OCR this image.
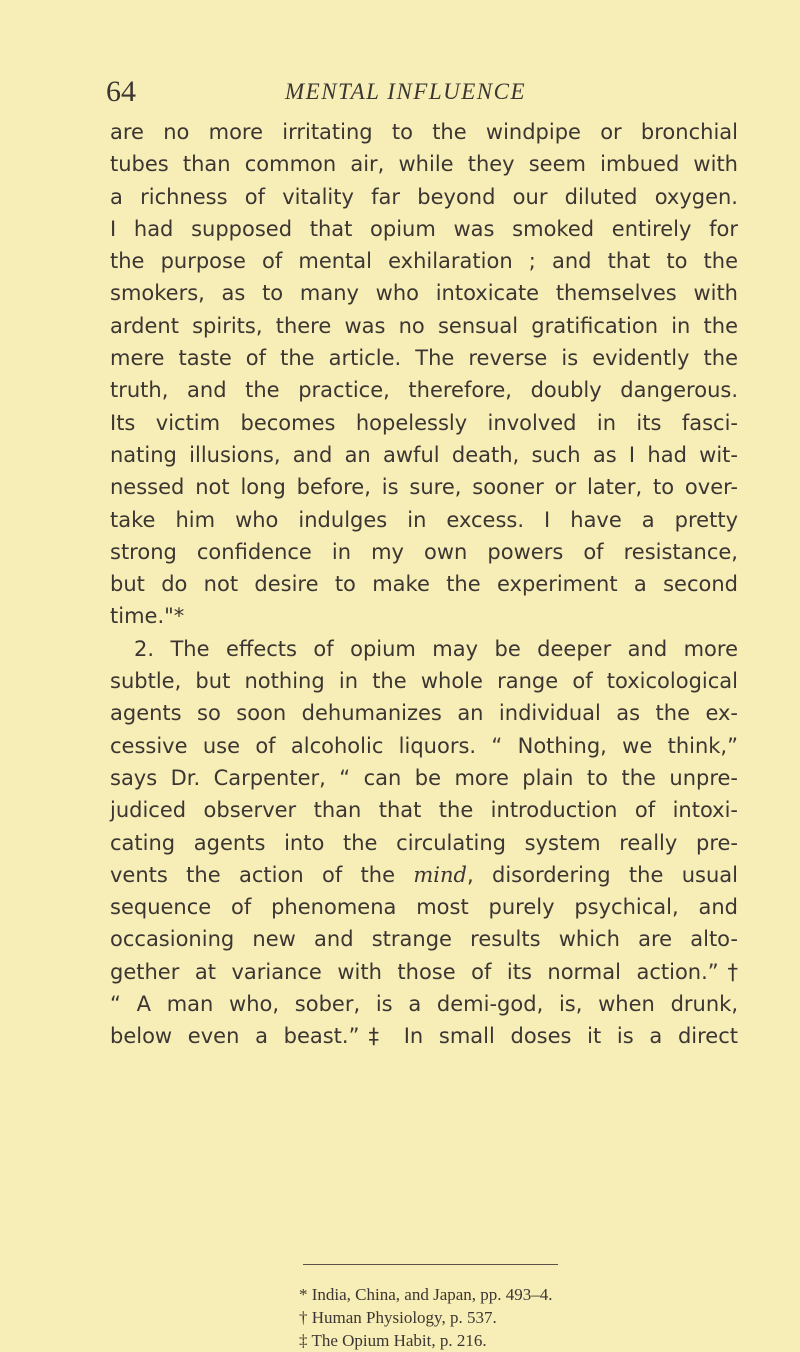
64	MENTAL INFLUENCE
are no more irritating to the windpipe or bronchial
tubes than common air, while they seem imbued with
a richness of vitality far beyond our diluted oxygen.
I had supposed that opium was smoked entirely for
the purpose of mental exhilaration ; and that to the
smokers, as to many who intoxicate themselves with
ardent spirits, there was no sensual gratification in the
mere taste of the article. The reverse is evidently the
truth, and the practice, therefore, doubly dangerous.
Its victim becomes hopelessly involved in its fasci-
nating illusions, and an awful death, such as I had wit-
nessed not long before, is sure, sooner or later, to over-
take him who indulges in excess. I have a pretty
strong confidence in my own powers of resistance,
but do not desire to make the experiment a second
time."*
2. The effects of opium may be deeper and more
subtle, but nothing in the whole range of toxicological
agents so soon dehumanizes an individual as the ex-
cessive use of alcoholic liquors. “ Nothing, we think,”
says Dr. Carpenter, “ can be more plain to the unpre-
judiced observer than that the introduction of intoxi-
cating agents into the circulating system really pre-
vents the action of the mind, disordering the usual
sequence of phenomena most purely psychical, and
occasioning new and strange results which are alto-
gether at variance with those of its normal action.”†
“ A man who, sober, is a demi-god, is, when drunk,
below even a beast.”‡ In small doses it is a direct
* India, China, and Japan, pp. 493–4.
† Human Physiology, p. 537.
‡ The Opium Habit, p. 216.
